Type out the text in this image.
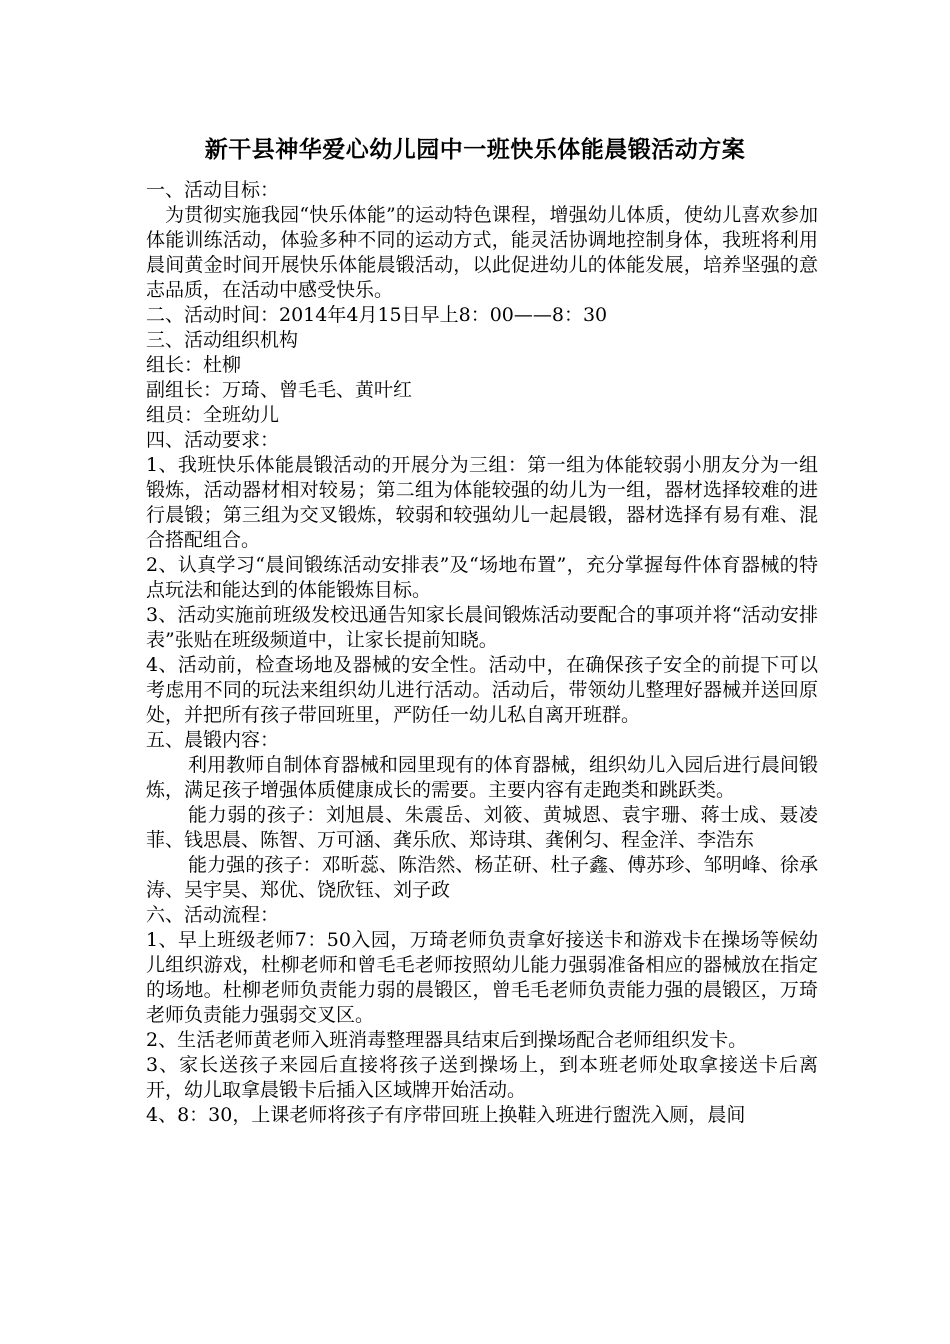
新干县神华爱心幼儿园中一班快乐体能晨锻活动方案

一、活动目标：

为贯彻实施我园“快乐体能”的运动特色课程，增强幼儿体质，使幼儿喜欢参加体能训练活动，体验多种不同的运动方式，能灵活协调地控制身体，我班将利用晨间黄金时间开展快乐体能晨锻活动，以此促进幼儿的体能发展，培养坚强的意志品质，在活动中感受快乐。

二、活动时间：2014年4月15日早上8：00——8：30

三、活动组织机构

组长：杜柳

副组长：万琦、曾毛毛、黄叶红

组员：全班幼儿

四、活动要求：

1、我班快乐体能晨锻活动的开展分为三组：第一组为体能较弱小朋友分为一组锻炼，活动器材相对较易；第二组为体能较强的幼儿为一组，器材选择较难的进行晨锻；第三组为交叉锻炼，较弱和较强幼儿一起晨锻，器材选择有易有难、混合搭配组合。

2、认真学习“晨间锻练活动安排表”及“场地布置”，充分掌握每件体育器械的特点玩法和能达到的体能锻炼目标。

3、活动实施前班级发校迅通告知家长晨间锻炼活动要配合的事项并将“活动安排表”张贴在班级频道中，让家长提前知晓。

4、活动前，检查场地及器械的安全性。活动中，在确保孩子安全的前提下可以考虑用不同的玩法来组织幼儿进行活动。活动后，带领幼儿整理好器械并送回原处，并把所有孩子带回班里，严防任一幼儿私自离开班群。

五、晨锻内容：

利用教师自制体育器械和园里现有的体育器械，组织幼儿入园后进行晨间锻炼，满足孩子增强体质健康成长的需要。主要内容有走跑类和跳跃类。

能力弱的孩子：刘旭晨、朱震岳、刘筱、黄城恩、袁宇珊、蒋士成、聂凌菲、钱思晨、陈智、万可涵、龚乐欣、郑诗琪、龚俐匀、程金洋、李浩东

能力强的孩子：邓昕蕊、陈浩然、杨芷研、杜子鑫、傅苏珍、邹明峰、徐承涛、吴宇昊、郑优、饶欣钰、刘子政

六、活动流程：

1、早上班级老师7：50入园，万琦老师负责拿好接送卡和游戏卡在操场等候幼儿组织游戏，杜柳老师和曾毛毛老师按照幼儿能力强弱准备相应的器械放在指定的场地。杜柳老师负责能力弱的晨锻区，曾毛毛老师负责能力强的晨锻区，万琦老师负责能力强弱交叉区。

2、生活老师黄老师入班消毒整理器具结束后到操场配合老师组织发卡。

3、家长送孩子来园后直接将孩子送到操场上，到本班老师处取拿接送卡后离开，幼儿取拿晨锻卡后插入区域牌开始活动。

4、8：30，上课老师将孩子有序带回班上换鞋入班进行盥洗入厕，晨间
